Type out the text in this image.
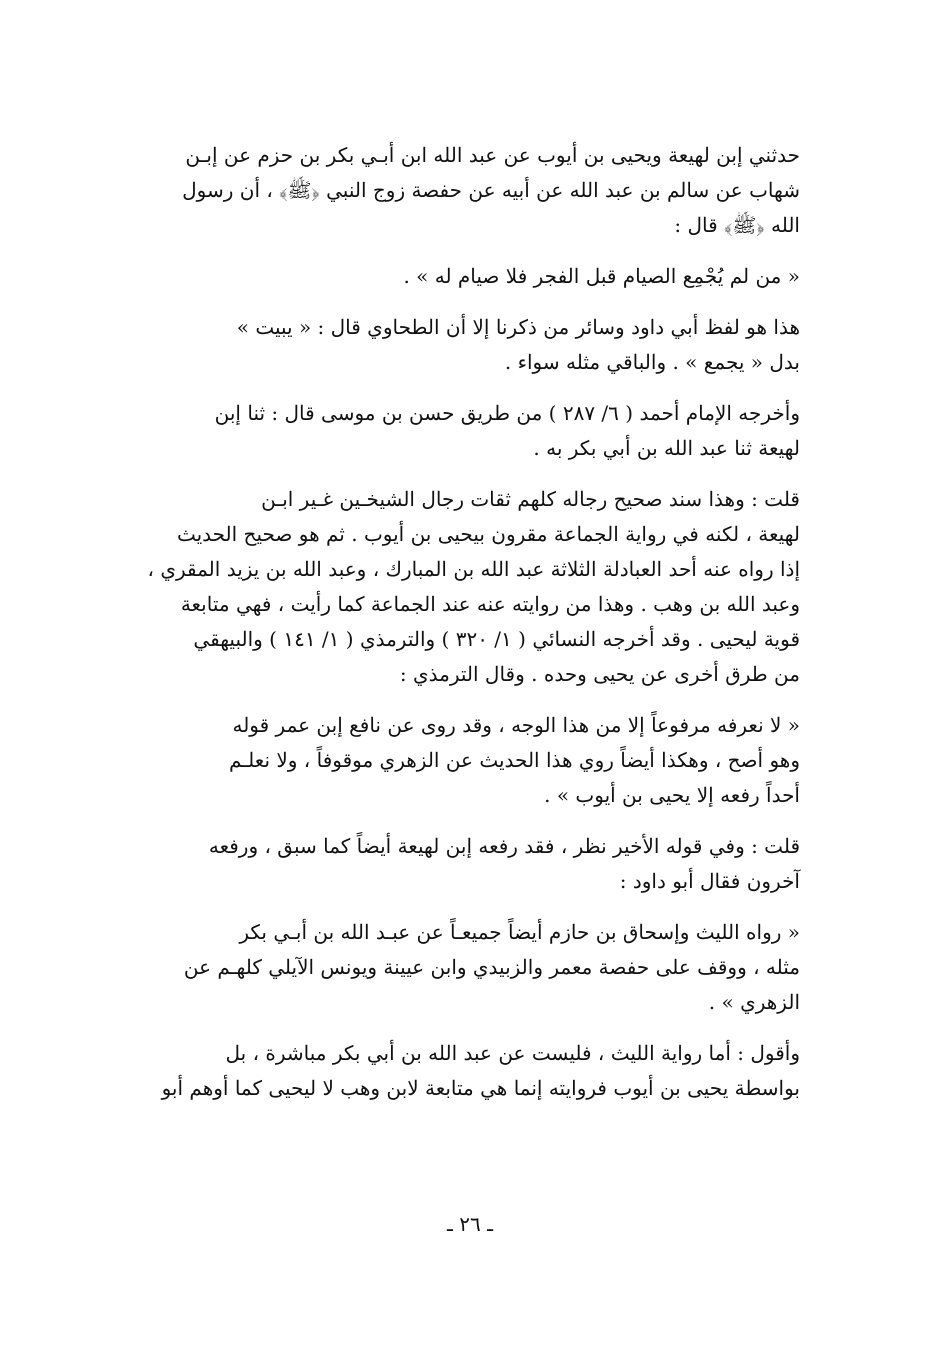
حدثني إبن لهيعة ويحيى بن أيوب عن عبد الله ابن أبـي بكر بن حزم عن إبـن
شهاب عن سالم بن عبد الله عن أبيه عن حفصة زوج النبي ﴿ﷺ﴾ ، أن رسول
الله ﴿ﷺ﴾ قال :
« من لم يُجْمِع الصيام قبل الفجر فلا صيام له » .
هذا هو لفظ أبي داود وسائر من ذكرنا إلا أن الطحاوي قال : « يبيت »
بدل « يجمع » . والباقي مثله سواء .
وأخرجه الإمام أحمد ( ٦/ ٢٨٧ ) من طريق حسن بن موسى قال : ثنا إبن
لهيعة ثنا عبد الله بن أبي بكر به .
قلت : وهذا سند صحيح رجاله كلهم ثقات رجال الشيخـين غـير ابـن
لهيعة ، لكنه في رواية الجماعة مقرون بيحيى بن أيوب . ثم هو صحيح الحديث
إذا رواه عنه أحد العبادلة الثلاثة عبد الله بن المبارك ، وعبد الله بن يزيد المقري ،
وعبد الله بن وهب . وهذا من روايته عنه عند الجماعة كما رأيت ، فهي متابعة
قوية ليحيى . وقد أخرجه النسائي ( ١/ ٣٢٠ ) والترمذي ( ١/ ١٤١ ) والبيهقي
من طرق أخرى عن يحيى وحده . وقال الترمذي :
« لا نعرفه مرفوعاً إلا من هذا الوجه ، وقد روى عن نافع إبن عمر قوله
وهو أصح ، وهكذا أيضاً روي هذا الحديث عن الزهري موقوفاً ، ولا نعلـم
أحداً رفعه إلا يحيى بن أيوب » .
قلت : وفي قوله الأخير نظر ، فقد رفعه إبن لهيعة أيضاً كما سبق ، ورفعه
آخرون فقال أبو داود :
« رواه الليث وإسحاق بن حازم أيضاً جميعـاً عن عبـد الله بن أبـي بكر
مثله ، ووقف على حفصة معمر والزبيدي وابن عيينة ويونس الآيلي كلهـم عن
الزهري » .
وأقول : أما رواية الليث ، فليست عن عبد الله بن أبي بكر مباشرة ، بل
بواسطة يحيى بن أيوب فروايته إنما هي متابعة لابن وهب لا ليحيى كما أوهم أبو
ـ ٢٦ ـ
